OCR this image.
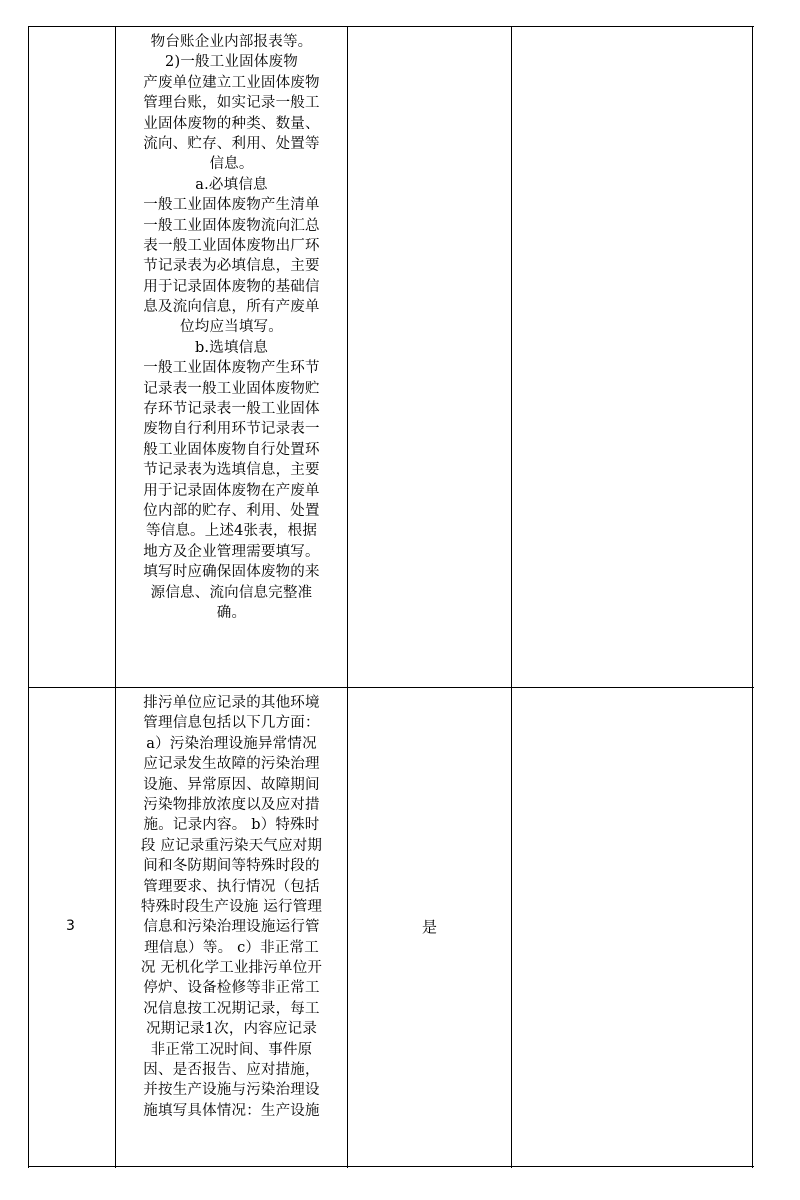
物台账企业内部报表等。
2)一般工业固体废物
产废单位建立工业固体废物
管理台账，如实记录一般工
业固体废物的种类、数量、
流向、贮存、利用、处置等
信息。
a.必填信息
一般工业固体废物产生清单
一般工业固体废物流向汇总
表一般工业固体废物出厂环
节记录表为必填信息，主要
用于记录固体废物的基础信
息及流向信息，所有产废单
位均应当填写。
b.选填信息
一般工业固体废物产生环节
记录表一般工业固体废物贮
存环节记录表一般工业固体
废物自行利用环节记录表一
般工业固体废物自行处置环
节记录表为选填信息，主要
用于记录固体废物在产废单
位内部的贮存、利用、处置
等信息。上述4张表，根据
地方及企业管理需要填写。
填写时应确保固体废物的来
源信息、流向信息完整准
确。
3
排污单位应记录的其他环境
管理信息包括以下几方面：
a）污染治理设施异常情况
应记录发生故障的污染治理
设施、异常原因、故障期间
污染物排放浓度以及应对措
施。记录内容。 b）特殊时
段 应记录重污染天气应对期
间和冬防期间等特殊时段的
管理要求、执行情况（包括
特殊时段生产设施 运行管理
信息和污染治理设施运行管
理信息）等。 c）非正常工
况 无机化学工业排污单位开
停炉、设备检修等非正常工
况信息按工况期记录，每工
况期记录1次，内容应记录
非正常工况时间、事件原
因、是否报告、应对措施，
并按生产设施与污染治理设
施填写具体情况：生产设施
是
